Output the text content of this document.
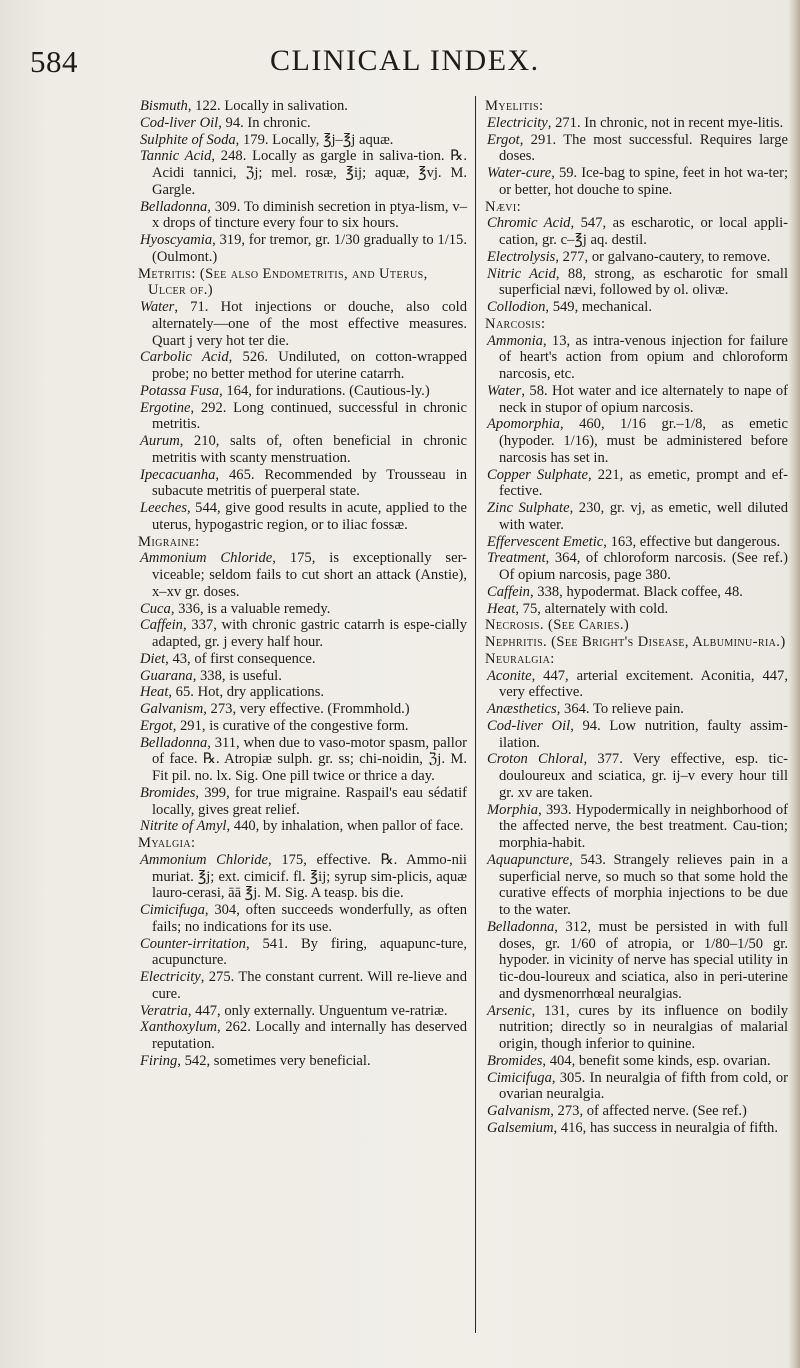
584	CLINICAL INDEX.

Bismuth, 122. Locally in salivation.

Cod-liver Oil, 94. In chronic.

Sulphite of Soda, 179. Locally, ℥j–℥j aquæ.

Tannic Acid, 248. Locally as gargle in saliva-tion. ℞. Acidi tannici, ℨj; mel. rosæ, ℥ij; aquæ, ℥vj. M. Gargle.

Belladonna, 309. To diminish secretion in ptya-lism, v–x drops of tincture every four to six hours.

Hyoscyamia, 319, for tremor, gr. 1/30 gradually to 1/15. (Oulmont.)

Metritis: (See also Endometritis, and Uterus, Ulcer of.)

Water, 71. Hot injections or douche, also cold alternately—one of the most effective measures. Quart j very hot ter die.

Carbolic Acid, 526. Undiluted, on cotton-wrapped probe; no better method for uterine catarrh.

Potassa Fusa, 164, for indurations. (Cautious-ly.)

Ergotine, 292. Long continued, successful in chronic metritis.

Aurum, 210, salts of, often beneficial in chronic metritis with scanty menstruation.

Ipecacuanha, 465. Recommended by Trousseau in subacute metritis of puerperal state.

Leeches, 544, give good results in acute, applied to the uterus, hypogastric region, or to iliac fossæ.

Migraine:

Ammonium Chloride, 175, is exceptionally ser-viceable; seldom fails to cut short an attack (Anstie), x–xv gr. doses.

Cuca, 336, is a valuable remedy.

Caffein, 337, with chronic gastric catarrh is espe-cially adapted, gr. j every half hour.

Diet, 43, of first consequence.

Guarana, 338, is useful.

Heat, 65. Hot, dry applications.

Galvanism, 273, very effective. (Frommhold.)

Ergot, 291, is curative of the congestive form.

Belladonna, 311, when due to vaso-motor spasm, pallor of face. ℞. Atropiæ sulph. gr. ss; chi-noidin, ℨj. M. Fit pil. no. lx. Sig. One pill twice or thrice a day.

Bromides, 399, for true migraine. Raspail's eau sédatif locally, gives great relief.

Nitrite of Amyl, 440, by inhalation, when pallor of face.

Myalgia:

Ammonium Chloride, 175, effective. ℞. Ammo-nii muriat. ℥j; ext. cimicif. fl. ℥ij; syrup sim-plicis, aquæ lauro-cerasi, āā ℥j. M. Sig. A teasp. bis die.

Cimicifuga, 304, often succeeds wonderfully, as often fails; no indications for its use.

Counter-irritation, 541. By firing, aquapunc-ture, acupuncture.

Electricity, 275. The constant current. Will re-lieve and cure.

Veratria, 447, only externally. Unguentum ve-ratriæ.

Xanthoxylum, 262. Locally and internally has deserved reputation.

Firing, 542, sometimes very beneficial.

Myelitis:

Electricity, 271. In chronic, not in recent mye-litis.

Ergot, 291. The most successful. Requires large doses.

Water-cure, 59. Ice-bag to spine, feet in hot wa-ter; or better, hot douche to spine.

Nævi:

Chromic Acid, 547, as escharotic, or local appli-cation, gr. c–℥j aq. destil.

Electrolysis, 277, or galvano-cautery, to remove.

Nitric Acid, 88, strong, as escharotic for small superficial nævi, followed by ol. olivæ.

Collodion, 549, mechanical.

Narcosis:

Ammonia, 13, as intra-venous injection for failure of heart's action from opium and chloroform narcosis, etc.

Water, 58. Hot water and ice alternately to nape of neck in stupor of opium narcosis.

Apomorphia, 460, 1/16 gr.–1/8, as emetic (hypoder. 1/16), must be administered before narcosis has set in.

Copper Sulphate, 221, as emetic, prompt and ef-fective.

Zinc Sulphate, 230, gr. vj, as emetic, well diluted with water.

Effervescent Emetic, 163, effective but dangerous.

Treatment, 364, of chloroform narcosis. (See ref.) Of opium narcosis, page 380.

Caffein, 338, hypodermat. Black coffee, 48.

Heat, 75, alternately with cold.

Necrosis. (See Caries.)

Nephritis. (See Bright's Disease, Albuminu-ria.)

Neuralgia:

Aconite, 447, arterial excitement. Aconitia, 447, very effective.

Anæsthetics, 364. To relieve pain.

Cod-liver Oil, 94. Low nutrition, faulty assim-ilation.

Croton Chloral, 377. Very effective, esp. tic-douloureux and sciatica, gr. ij–v every hour till gr. xv are taken.

Morphia, 393. Hypodermically in neighborhood of the affected nerve, the best treatment. Cau-tion; morphia-habit.

Aquapuncture, 543. Strangely relieves pain in a superficial nerve, so much so that some hold the curative effects of morphia injections to be due to the water.

Belladonna, 312, must be persisted in with full doses, gr. 1/60 of atropia, or 1/80–1/50 gr. hypoder. in vicinity of nerve has special utility in tic-dou-loureux and sciatica, also in peri-uterine and dysmenorrhœal neuralgias.

Arsenic, 131, cures by its influence on bodily nutrition; directly so in neuralgias of malarial origin, though inferior to quinine.

Bromides, 404, benefit some kinds, esp. ovarian.

Cimicifuga, 305. In neuralgia of fifth from cold, or ovarian neuralgia.

Galvanism, 273, of affected nerve. (See ref.)

Galsemium, 416, has success in neuralgia of fifth.
